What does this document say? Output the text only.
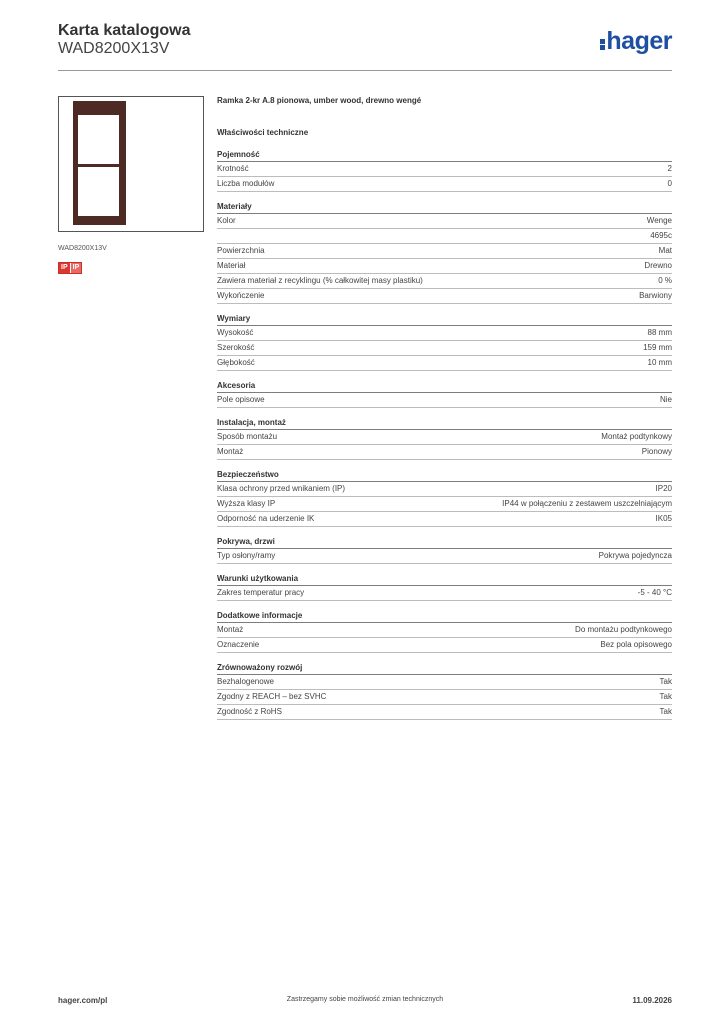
Karta katalogowa
WAD8200X13V	hager
WAD8200X13V
IP IP
Ramka 2-kr A.8 pionowa, umber wood, drewno wengé
Właściwości techniczne
Pojemność
Krotność	2
Liczba modułów	0
Materiały
Kolor	Wenge
4695c
Powierzchnia	Mat
Materiał	Drewno
Zawiera materiał z recyklingu (% całkowitej masy plastiku)	0 %
Wykończenie	Barwiony
Wymiary
Wysokość	88 mm
Szerokość	159 mm
Głębokość	10 mm
Akcesoria
Pole opisowe	Nie
Instalacja, montaż
Sposób montażu	Montaż podtynkowy
Montaż	Pionowy
Bezpieczeństwo
Klasa ochrony przed wnikaniem (IP)	IP20
Wyższa klasy IP	IP44 w połączeniu z zestawem uszczelniającym
Odporność na uderzenie IK	IK05
Pokrywa, drzwi
Typ osłony/ramy	Pokrywa pojedyncza
Warunki użytkowania
Zakres temperatur pracy	-5 - 40 °C
Dodatkowe informacje
Montaż	Do montażu podtynkowego
Oznaczenie	Bez pola opisowego
Zrównoważony rozwój
Bezhalogenowe	Tak
Zgodny z REACH – bez SVHC	Tak
Zgodność z RoHS	Tak
hager.com/pl	Zastrzegamy sobie możliwość zmian technicznych	11.09.2026
